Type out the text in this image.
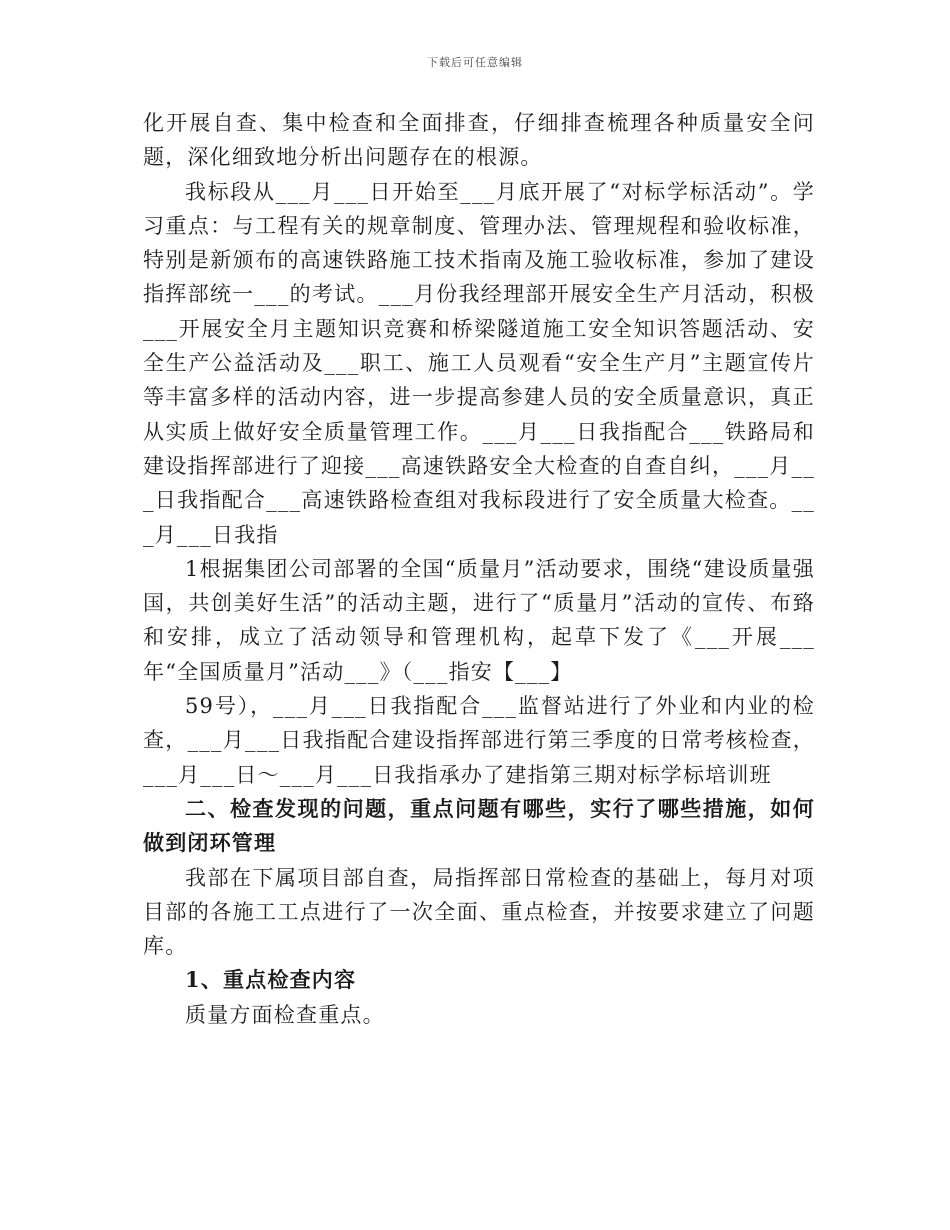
下载后可任意编辑

化开展自查、集中检查和全面排查，仔细排查梳理各种质量安全问题，深化细致地分析出问题存在的根源。

我标段从___月___日开始至___月底开展了“对标学标活动”。学习重点：与工程有关的规章制度、管理办法、管理规程和验收标准，特别是新颁布的高速铁路施工技术指南及施工验收标准，参加了建设指挥部统一___的考试。___月份我经理部开展安全生产月活动，积极___开展安全月主题知识竞赛和桥梁隧道施工安全知识答题活动、安全生产公益活动及___职工、施工人员观看“安全生产月”主题宣传片等丰富多样的活动内容，进一步提高参建人员的安全质量意识，真正从实质上做好安全质量管理工作。___月___日我指配合___铁路局和建设指挥部进行了迎接___高速铁路安全大检查的自查自纠，___月___日我指配合___高速铁路检查组对我标段进行了安全质量大检查。___月___日我指

1根据集团公司部署的全国“质量月”活动要求，围绕“建设质量强国，共创美好生活”的活动主题，进行了“质量月”活动的宣传、布臵和安排，成立了活动领导和管理机构，起草下发了《___开展___年“全国质量月”活动___》（___指安【___】

59号），___月___日我指配合___监督站进行了外业和内业的检查，___月___日我指配合建设指挥部进行第三季度的日常考核检查，___月___日～___月___日我指承办了建指第三期对标学标培训班

二、检查发现的问题，重点问题有哪些，实行了哪些措施，如何做到闭环管理

我部在下属项目部自查，局指挥部日常检查的基础上，每月对项目部的各施工工点进行了一次全面、重点检查，并按要求建立了问题库。

1、重点检查内容

质量方面检查重点。
